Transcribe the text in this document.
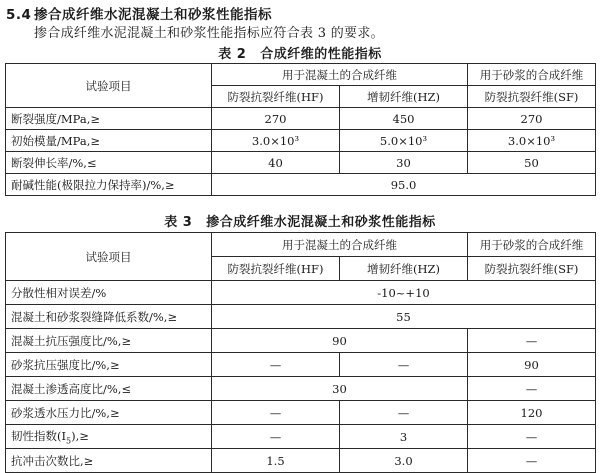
5.4 掺合成纤维水泥混凝土和砂浆性能指标
掺合成纤维水泥混凝土和砂浆性能指标应符合表 3 的要求。
表 2 合成纤维的性能指标
试验项目	用于混凝土的合成纤维		用于砂浆的合成纤维
	防裂抗裂纤维(HF)	增韧纤维(HZ)	防裂抗裂纤维(SF)
断裂强度/MPa,≥	270	450	270
初始模量/MPa,≥	3.0×10³	5.0×10³	3.0×10³
断裂伸长率/%,≤	40	30	50
耐碱性能(极限拉力保持率)/%,≥	95.0		
表 3 掺合成纤维水泥混凝土和砂浆性能指标
试验项目	用于混凝土的合成纤维		用于砂浆的合成纤维
	防裂抗裂纤维(HF)	增韧纤维(HZ)	防裂抗裂纤维(SF)
分散性相对误差/%	-10~+10		
混凝土和砂浆裂缝降低系数/%,≥	55		
混凝土抗压强度比/%,≥	90		—
砂浆抗压强度比/%,≥	—	—	90
混凝土渗透高度比/%,≤	30		—
砂浆透水压力比/%,≥	—	—	120
韧性指数$(I_5),\ge$	—	3	—
抗冲击次数比,≥	1.5	3.0	—
